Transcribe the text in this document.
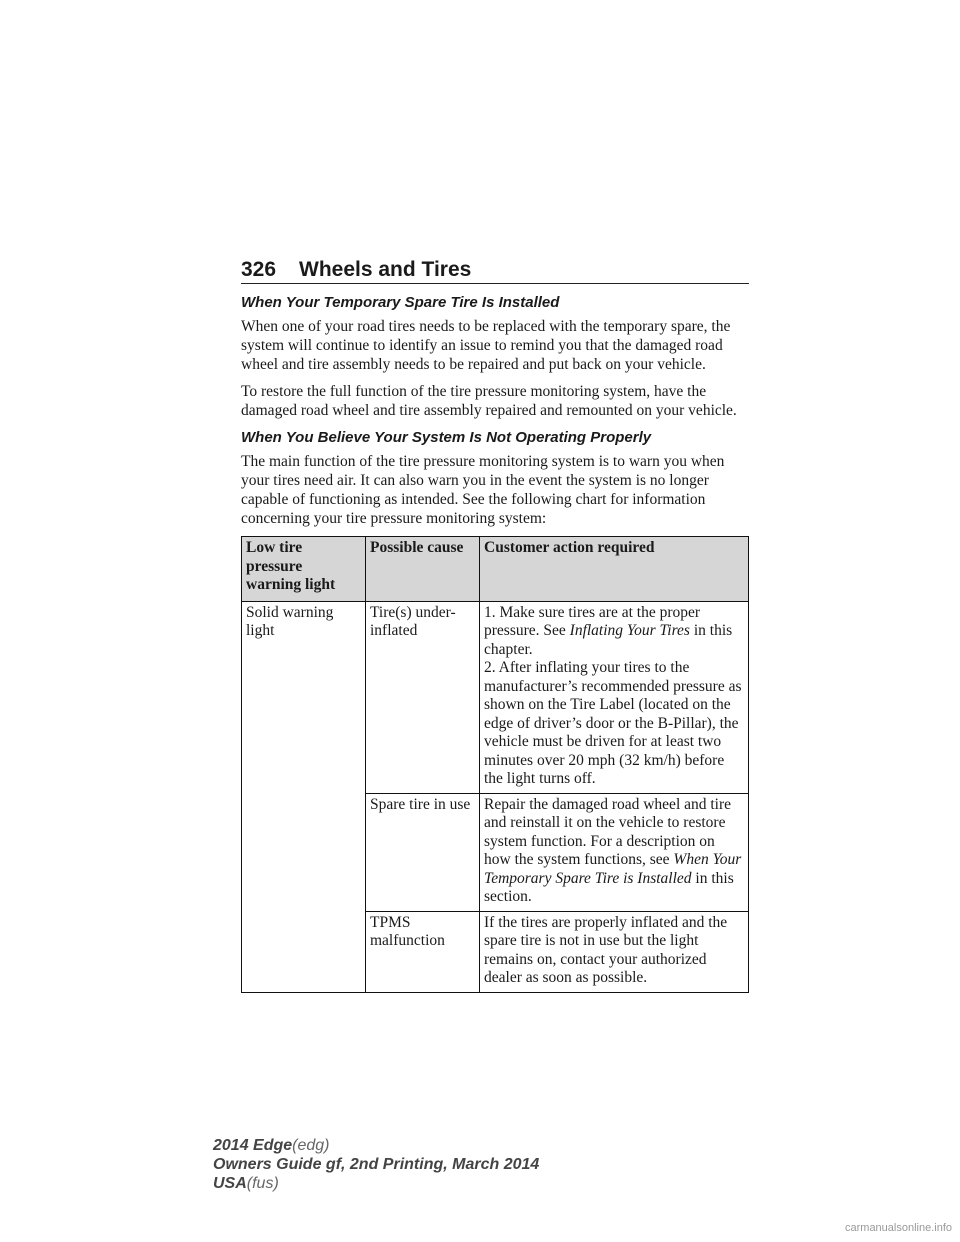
326 Wheels and Tires
When Your Temporary Spare Tire Is Installed

When one of your road tires needs to be replaced with the temporary spare, the system will continue to identify an issue to remind you that the damaged road wheel and tire assembly needs to be repaired and put back on your vehicle.

To restore the full function of the tire pressure monitoring system, have the damaged road wheel and tire assembly repaired and remounted on your vehicle.

When You Believe Your System Is Not Operating Properly

The main function of the tire pressure monitoring system is to warn you when your tires need air. It can also warn you in the event the system is no longer capable of functioning as intended. See the following chart for information concerning your tire pressure monitoring system:

Low tire pressure warning light	Possible cause	Customer action required
Solid warning light	Tire(s) under-inflated	1. Make sure tires are at the proper pressure. See Inflating Your Tires in this chapter.
2. After inflating your tires to the manufacturer’s recommended pressure as shown on the Tire Label (located on the edge of driver’s door or the B-Pillar), the vehicle must be driven for at least two minutes over 20 mph (32 km/h) before the light turns off.

	Spare tire in use	Repair the damaged road wheel and tire and reinstall it on the vehicle to restore system function. For a description on how the system functions, see When Your Temporary Spare Tire is Installed in this section.
	TPMS malfunction	If the tires are properly inflated and the spare tire is not in use but the light remains on, contact your authorized dealer as soon as possible.
2014 Edge(edg)
Owners Guide gf, 2nd Printing, March 2014
USA(fus)
carmanualsonline.info
